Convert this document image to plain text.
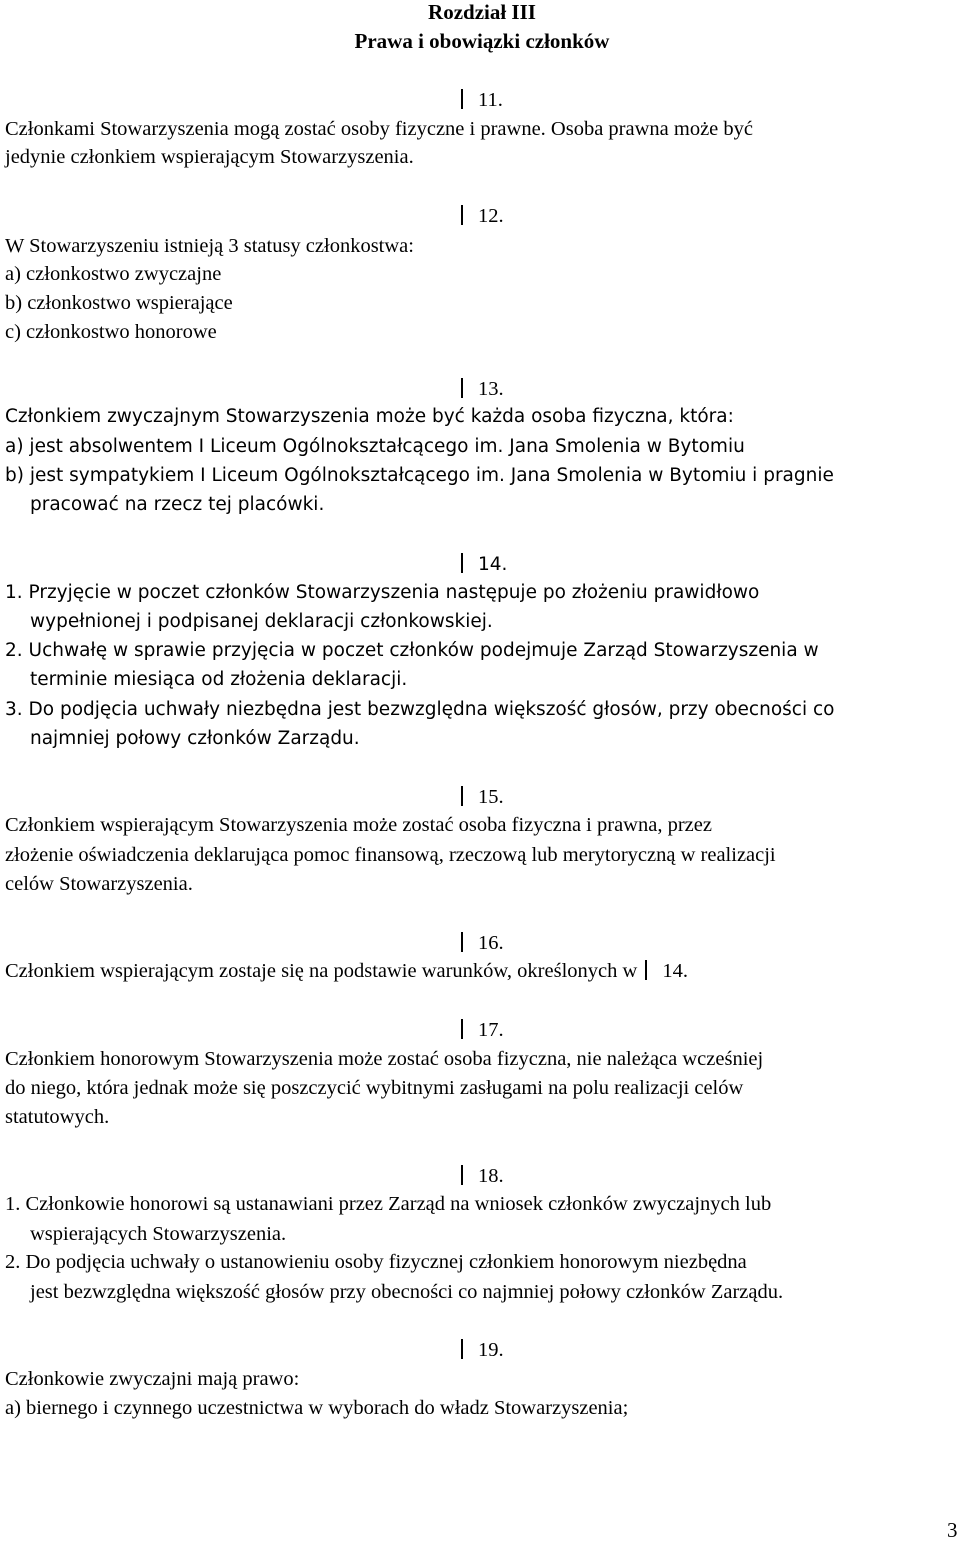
Rozdział III
Prawa i obowiązki członków
11.
Członkami Stowarzyszenia mogą zostać osoby fizyczne i prawne. Osoba prawna może być
jedynie członkiem wspierającym Stowarzyszenia.
12.
W Stowarzyszeniu istnieją 3 statusy członkostwa:
a) członkostwo zwyczajne
b) członkostwo wspierające
c) członkostwo honorowe
13.
Członkiem zwyczajnym Stowarzyszenia może być każda osoba fizyczna, która:
a) jest absolwentem I Liceum Ogólnokształcącego im. Jana Smolenia w Bytomiu
b) jest sympatykiem I Liceum Ogólnokształcącego im. Jana Smolenia w Bytomiu i pragnie
pracować na rzecz tej placówki.
14.
1. Przyjęcie w poczet członków Stowarzyszenia następuje po złożeniu prawidłowo
wypełnionej i podpisanej deklaracji członkowskiej.
2. Uchwałę w sprawie przyjęcia w poczet członków podejmuje Zarząd Stowarzyszenia w
terminie miesiąca od złożenia deklaracji.
3. Do podjęcia uchwały niezbędna jest bezwzględna większość głosów, przy obecności co
najmniej połowy członków Zarządu.
15.
Członkiem wspierającym Stowarzyszenia może zostać osoba fizyczna i prawna, przez
złożenie oświadczenia deklarująca pomoc finansową, rzeczową lub merytoryczną w realizacji
celów Stowarzyszenia.
16.
Członkiem wspierającym zostaje się na podstawie warunków, określonych w 14.
17.
Członkiem honorowym Stowarzyszenia może zostać osoba fizyczna, nie należąca wcześniej
do niego, która jednak może się poszczycić wybitnymi zasługami na polu realizacji celów
statutowych.
18.
1. Członkowie honorowi są ustanawiani przez Zarząd na wniosek członków zwyczajnych lub
wspierających Stowarzyszenia.
2. Do podjęcia uchwały o ustanowieniu osoby fizycznej członkiem honorowym niezbędna
jest bezwzględna większość głosów przy obecności co najmniej połowy członków Zarządu.
19.
Członkowie zwyczajni mają prawo:
a) biernego i czynnego uczestnictwa w wyborach do władz Stowarzyszenia;
3
